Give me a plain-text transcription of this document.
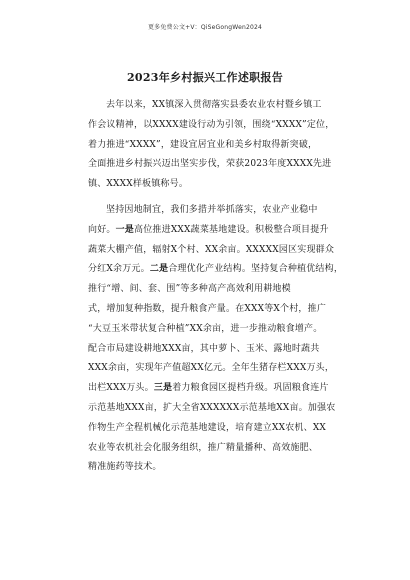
更多免费公文+V：QiSeGongWen2024
2023年乡村振兴工作述职报告
去年以来，XX镇深入贯彻落实县委农业农村暨乡镇工
作会议精神，以XXXX建设行动为引领，围绕“XXXX”定位，
着力推进“XXXX”，建设宜居宜业和美乡村取得新突破，
全面推进乡村振兴迈出坚实步伐，荣获2023年度XXXX先进
镇、XXXX样板镇称号。
坚持因地制宜，我们多措并举抓落实，农业产业稳中
向好。一是高位推进XXX蔬菜基地建设。积极整合项目提升
蔬菜大棚产值，辐射X个村、XX余亩。XXXXX园区实现群众
分红X余万元。二是合理优化产业结构。坚持复合种植优结构，
推行“增、间、套、围”等多种高产高效利用耕地模
式，增加复种指数，提升粮食产量。在XXX等X个村，推广
“大豆玉米带状复合种植”XX余亩，进一步推动粮食增产。
配合市局建设耕地XXX亩，其中萝卜、玉米、露地时蔬共
XXX余亩，实现年产值超XX亿元。全年生猪存栏XXX万头，
出栏XXX万头。三是着力粮食园区提档升级。巩固粮食连片
示范基地XXX亩，扩大全省XXXXXX示范基地XX亩。加强农
作物生产全程机械化示范基地建设，培育建立XX农机、XX
农业等农机社会化服务组织，推广精量播种、高效施肥、
精准施药等技术。
